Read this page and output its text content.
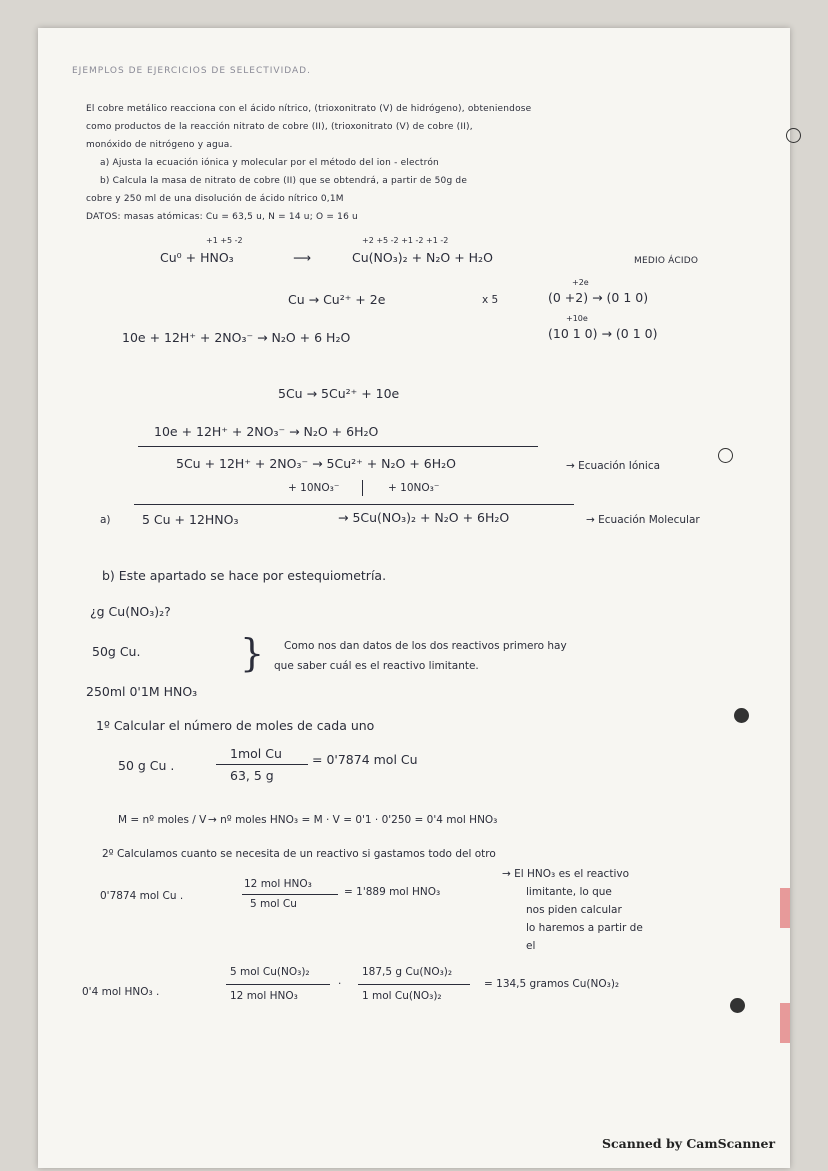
EJEMPLOS DE EJERCICIOS DE SELECTIVIDAD.
El cobre metálico reacciona con el ácido nítrico, (trioxonitrato (V) de hidrógeno), obteniendose
como productos de la reacción nitrato de cobre (II), (trioxonitrato (V) de cobre (II),
monóxido de nitrógeno y agua.
a) Ajusta la ecuación iónica y molecular por el método del ion - electrón
b) Calcula la masa de nitrato de cobre (II) que se obtendrá, a partir de 50g de
cobre y 250 ml de una disolución de ácido nítrico 0,1M
DATOS: masas atómicas: Cu = 63,5 u, N = 14 u; O = 16 u
+1 +5 -2
Cu⁰ + HNO₃	⟶
+2 +5 -2 +1 -2 +1 -2
Cu(NO₃)₂ + N₂O + H₂O	MEDIO ÁCIDO
Cu → Cu²⁺ + 2e	x 5
+2e
(0 +2) → (0 1 0)
10e + 12H⁺ + 2NO₃⁻ → N₂O + 6 H₂O
+10e
(10 1 0) → (0 1 0)
5Cu → 5Cu²⁺ + 10e
10e + 12H⁺ + 2NO₃⁻ → N₂O + 6H₂O
5Cu + 12H⁺ + 2NO₃⁻ → 5Cu²⁺ + N₂O + 6H₂O	→ Ecuación Iónica
+ 10NO₃⁻	+ 10NO₃⁻
a)	5 Cu + 12HNO₃	→ 5Cu(NO₃)₂ + N₂O + 6H₂O	→ Ecuación Molecular
b) Este apartado se hace por estequiometría.
¿g Cu(NO₃)₂?
50g Cu.
250ml 0'1M HNO₃
} Como nos dan datos de los dos reactivos primero hay
que saber cuál es el reactivo limitante.
1º Calcular el número de moles de cada uno
50 g Cu .
1mol Cu
63, 5 g
= 0'7874 mol Cu
M = nº moles / V → nº moles HNO₃ = M · V = 0'1 · 0'250 = 0'4 mol HNO₃
2º Calculamos cuanto se necesita de un reactivo si gastamos todo del otro
0'7874 mol Cu .
12 mol HNO₃
5 mol Cu
= 1'889 mol HNO₃
→ El HNO₃ es el reactivo
limitante, lo que
nos piden calcular
lo haremos a partir de
el
0'4 mol HNO₃ .
5 mol Cu(NO₃)₂
12 mol HNO₃
·
187,5 g Cu(NO₃)₂
1 mol Cu(NO₃)₂
= 134,5 gramos Cu(NO₃)₂
Scanned by CamScanner
